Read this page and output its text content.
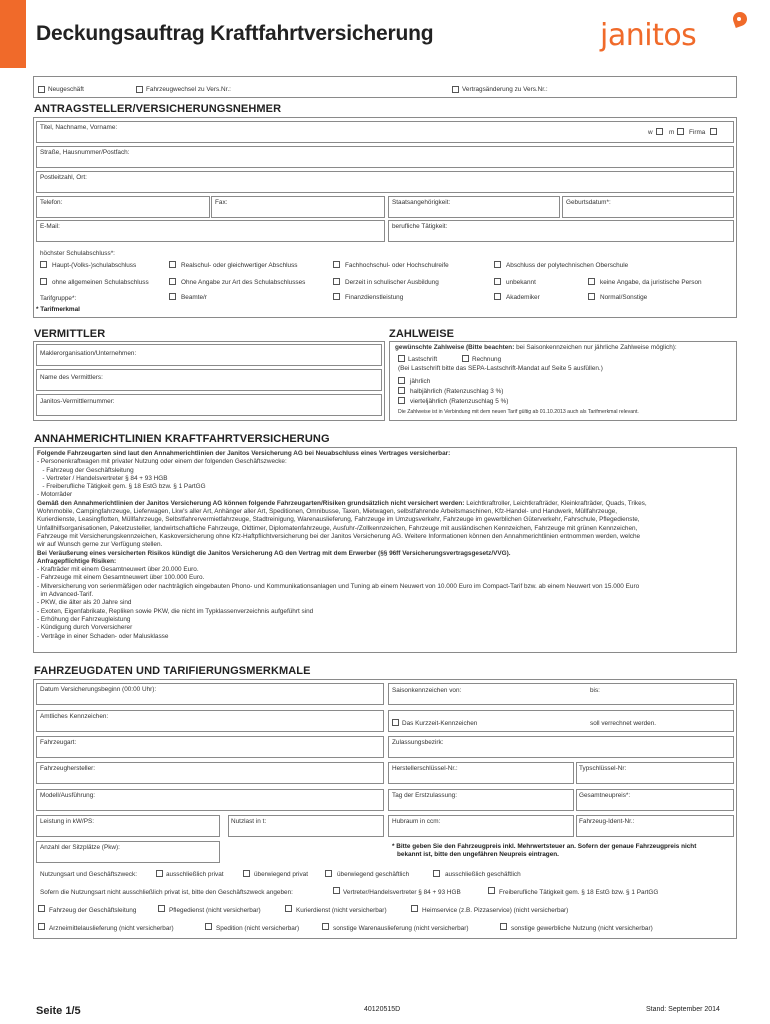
Deckungsauftrag Kraftfahrtversicherung	janitos
Neugeschäft	Fahrzeugwechsel zu Vers.Nr.:	Vertragsänderung zu Vers.Nr.:
ANTRAGSTELLER/VERSICHERUNGSNEHMER
Titel, Nachname, Vorname:
w	m Firma
Straße, Hausnummer/Postfach:
Postleitzahl, Ort:
Telefon:	Fax:	Staatsangehörigkeit:	Geburtsdatum*:
E-Mail:	berufliche Tätigkeit:
höchster Schulabschluss*:
Haupt-(Volks-)schulabschluss	Realschul- oder gleichwertiger Abschluss	Fachhochschul- oder Hochschulreife	Abschluss der polytechnischen Oberschule
ohne allgemeinen Schulabschluss	Ohne Angabe zur Art des Schulabschlusses	Derzeit in schulischer Ausbildung	unbekannt	keine Angabe, da juristische Person
Tarifgruppe*:	Beamte/r	Finanzdienstleistung	Akademiker	Normal/Sonstige
* Tarifmerkmal
VERMITTLER
Maklerorganisation/Unternehmen:
Name des Vermittlers:
Janitos-Vermittlernummer:
ZAHLWEISE
gewünschte Zahlweise (Bitte beachten: bei Saisonkennzeichen nur jährliche Zahlweise möglich):
Lastschrift	Rechnung
(Bei Lastschrift bitte das SEPA-Lastschrift-Mandat auf Seite 5 ausfüllen.)
jährlich
halbjährlich (Ratenzuschlag 3 %)
vierteljährlich (Ratenzuschlag 5 %)
Die Zahlweise ist in Verbindung mit dem neuen Tarif gültig ab 01.10.2013 auch als Tarifmerkmal relevant.
ANNAHMERICHTLINIEN KRAFTFAHRTVERSICHERUNG
Folgende Fahrzeugarten sind laut den Annahmerichtlinien der Janitos Versicherung AG bei Neuabschluss eines Vertrages versicherbar:
- Personenkraftwagen mit privater Nutzung oder einem der folgenden Geschäftszwecke:
- Fahrzeug der Geschäftsleitung
- Vertreter / Handelsvertreter § 84 + 93 HGB
- Freiberufliche Tätigkeit gem. § 18 EstG bzw. § 1 PartGG
- Motorräder
Gemäß den Annahmerichtlinien der Janitos Versicherung AG können folgende Fahrzeugarten/Risiken grundsätzlich nicht versichert werden: Leichtkraftroller, Leichtkrafträder, Kleinkrafträder, Quads, Trikes,
Wohnmobile, Campingfahrzeuge, Lieferwagen, Lkw's aller Art, Anhänger aller Art, Speditionen, Omnibusse, Taxen, Mietwagen, selbstfahrende Arbeitsmaschinen, Kfz-Handel- und Handwerk, Müllfahrzeuge,
Kurierdienste, Leasingflotten, Müllfahrzeuge, Selbstfahrervermietfahrzeuge, Stadtreinigung, Warenauslieferung, Fahrzeuge im Umzugsverkehr, Fahrzeuge im gewerblichen Güterverkehr, Fahrschule, Pflegedienste,
Unfallhilfsorganisationen, Paketzusteller, landwirtschaftliche Fahrzeuge, Oldtimer, Diplomatenfahrzeuge, Ausfuhr-/Zollkennzeichen, Fahrzeuge mit ausländischen Kennzeichen, Fahrzeuge mit grünen Kennzeichen,
Fahrzeuge mit Versicherungskennzeichen, Kaskoversicherung ohne Kfz-Haftpflichtversicherung bei der Janitos Versicherung AG. Weitere Informationen können den Annahmerichtlinien entnommen werden, welche
wir auf Wunsch gerne zur Verfügung stellen.
Bei Veräußerung eines versicherten Risikos kündigt die Janitos Versicherung AG den Vertrag mit dem Erwerber (§§ 96ff Versicherungsvertragsgesetz/VVG).
Anfragepflichtige Risiken:
- Krafträder mit einem Gesamtneuwert über 20.000 Euro.
- Fahrzeuge mit einem Gesamtneuwert über 100.000 Euro.
- Mitversicherung von serienmäßigen oder nachträglich eingebauten Phono- und Kommunikationsanlagen und Tuning ab einem Neuwert von 10.000 Euro im Compact-Tarif bzw. ab einem Neuwert von 15.000 Euro
im Advanced-Tarif.
- PKW, die älter als 20 Jahre sind
- Exoten, Eigenfabrikate, Repliken sowie PKW, die nicht im Typklassenverzeichnis aufgeführt sind
- Erhöhung der Fahrzeugleistung
- Kündigung durch Vorversicherer
- Verträge in einer Schaden- oder Malusklasse
FAHRZEUGDATEN UND TARIFIERUNGSMERKMALE
Datum Versicherungsbeginn (00:00 Uhr):	Saisonkennzeichen von:	bis:
Amtliches Kennzeichen:
Das Kurzzeit-Kennzeichen	soll verrechnet werden.
Fahrzeugart:	Zulassungsbezirk:
Fahrzeughersteller:	Herstellerschlüssel-Nr.:	Typschlüssel-Nr:
Modell/Ausführung:	Tag der Erstzulassung:	Gesamtneupreis*:
Leistung in kW/PS:	Nutzlast in t:	Hubraum in ccm:	Fahrzeug-Ident-Nr.:
Anzahl der Sitzplätze (Pkw):	* Bitte geben Sie den Fahrzeugpreis inkl. Mehrwertsteuer an. Sofern der genaue Fahrzeugpreis nicht
bekannt ist, bitte den ungefähren Neupreis eintragen.
Nutzungsart und Geschäftszweck:	ausschließlich privat	überwiegend privat	überwiegend geschäftlich	ausschließlich geschäftlich
Sofern die Nutzungsart nicht ausschließlich privat ist, bitte den Geschäftszweck angeben:	Vertreter/Handelsvertreter § 84 + 93 HGB	Freiberufliche Tätigkeit gem. § 18 EstG bzw. § 1 PartGG
Fahrzeug der Geschäftsleitung	Pflegedienst (nicht versicherbar)	Kurierdienst (nicht versicherbar)	Heimservice (z.B. Pizzaservice) (nicht versicherbar)
Arzneimittelauslieferung (nicht versicherbar)	Spedition (nicht versicherbar)	sonstige Warenauslieferung (nicht versicherbar)	sonstige gewerbliche Nutzung (nicht versicherbar)
Seite 1/5	40120515D	Stand: September 2014
